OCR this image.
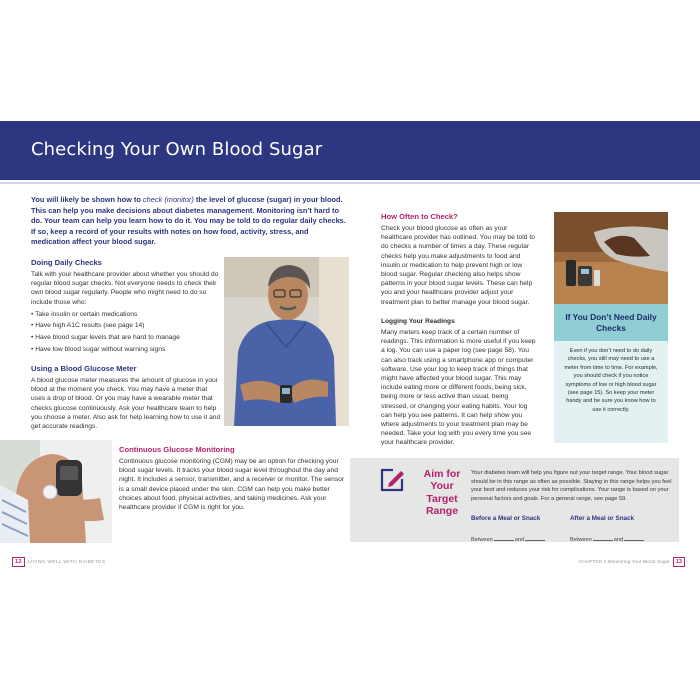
Checking Your Own Blood Sugar

You will likely be shown how to check (monitor) the level of glucose (sugar) in your blood. This can help you make decisions about diabetes management. Monitoring isn’t hard to do. Your team can help you learn how to do it. You may be told to do regular daily checks. If so, keep a record of your results with notes on how food, activity, stress, and medication affect your blood sugar.

Doing Daily Checks

Talk with your healthcare provider about whether you should do regular blood sugar checks. Not everyone needs to check their own blood sugar regularly. People who might need to do so include those who:

• Take insulin or certain medications
• Have high A1C results (see page 14)
• Have blood sugar levels that are hard to manage
• Have low blood sugar without warning signs
Using a Blood Glucose Meter

A blood glucose meter measures the amount of glucose in your blood at the moment you check. You may have a meter that uses a drop of blood. Or you may have a wearable meter that checks glucose continuously. Ask your healthcare team to help you choose a meter. Also ask for help learning how to use it and get accurate readings.

Continuous Glucose Monitoring

Continuous glucose monitoring (CGM) may be an option for checking your blood sugar levels. It tracks your blood sugar level throughout the day and night. It includes a sensor, transmitter, and a receiver or monitor. The sensor is a small device placed under the skin. CGM can help you make better choices about food, physical activities, and taking medicines. Ask your healthcare provider if CGM is right for you.

How Often to Check?

Check your blood glucose as often as your healthcare provider has outlined. You may be told to do checks a number of times a day. These regular checks help you make adjustments to food and insulin or medication to help prevent high or low blood sugar. Regular checking also helps show patterns in your blood sugar levels. These can help you and your healthcare provider adjust your treatment plan to better manage your blood sugar.

Logging Your Readings

Many meters keep track of a certain number of readings. This information is more useful if you keep a log. You can use a paper log (see page 58). You can also track using a smartphone app or computer software. Use your log to keep track of things that might have affected your blood sugar. This may include eating more or different foods, being sick, being more or less active than usual, being stressed, or changing your eating habits. Your log can help you see patterns. It can help show you where adjustments to your treatment plan may be needed. Take your log with you every time you see your healthcare provider.

If You Don’t Need Daily Checks

Even if you don’t need to do daily checks, you still may need to use a meter from time to time. For example, you should check if you notice symptoms of low or high blood sugar (see page 15). So keep your meter handy and be sure you know how to use it correctly.

Aim for Your Target Range

Your diabetes team will help you figure out your target range. Your blood sugar should be in this range as often as possible. Staying in this range helps you feel your best and reduces your risk for complications. Your range is based on your personal factors and goals. For a general range, see page 59.

Before a Meal or Snack
Between	and
After a Meal or Snack
Between	and
12 LIVING WELL WITH DIABETES	CHAPTER 2 Monitoring Your Blood Sugar 13
